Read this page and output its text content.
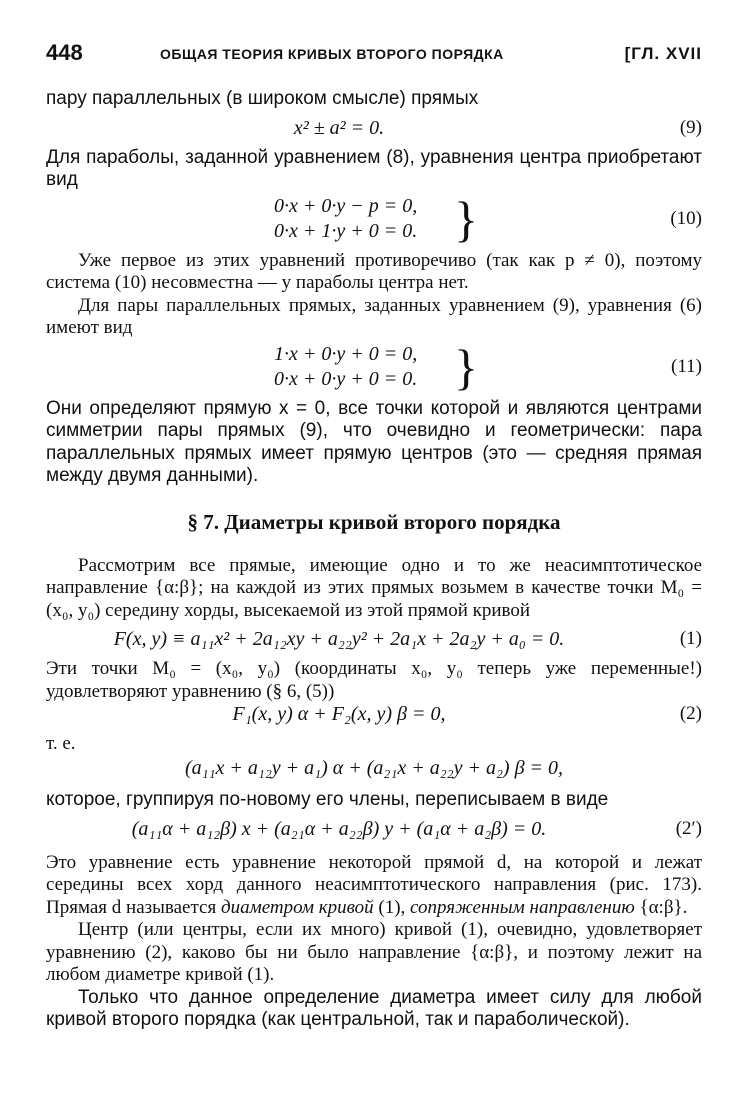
448	ОБЩАЯ ТЕОРИЯ КРИВЫХ ВТОРОГО ПОРЯДКА	[ГЛ. XVII

пару параллельных (в широком смысле) прямых

x² ± a² = 0.	(9)

Для параболы, заданной уравнением (8), уравнения центра приобретают вид

0·x + 0·y − p = 0,
0·x + 1·y + 0 = 0. }	(10)

Уже первое из этих уравнений противоречиво (так как p ≠ 0), поэтому система (10) несовместна — у параболы центра нет.

Для пары параллельных прямых, заданных уравнением (9), уравнения (6) имеют вид

1·x + 0·y + 0 = 0,
0·x + 0·y + 0 = 0. }	(11)

Они определяют прямую x = 0, все точки которой и являются центрами симметрии пары прямых (9), что очевидно и геометрически: пара параллельных прямых имеет прямую центров (это — средняя прямая между двумя данными).

§ 7. Диаметры кривой второго порядка

Рассмотрим все прямые, имеющие одно и то же неасимптотическое направление {α:β}; на каждой из этих прямых возьмем в качестве точки M₀ = (x₀, y₀) середину хорды, высекаемой из этой прямой кривой

F(x, y) ≡ a₁₁x² + 2a₁₂xy + a₂₂y² + 2a₁x + 2a₂y + a₀ = 0.	(1)

Эти точки M₀ = (x₀, y₀) (координаты x₀, y₀ теперь уже переменные!) удовлетворяют уравнению (§ 6, (5))

F₁(x, y) α + F₂(x, y) β = 0,	(2)
т. е.
(a₁₁x + a₁₂y + a₁) α + (a₂₁x + a₂₂y + a₂) β = 0,

которое, группируя по-новому его члены, переписываем в виде

(a₁₁α + a₁₂β) x + (a₂₁α + a₂₂β) y + (a₁α + a₂β) = 0.	(2′)

Это уравнение есть уравнение некоторой прямой d, на которой и лежат середины всех хорд данного неасимптотического направления (рис. 173). Прямая d называется диаметром кривой (1), сопряженным направлению {α:β}.

Центр (или центры, если их много) кривой (1), очевидно, удовлетворяет уравнению (2), каково бы ни было направление {α:β}, и поэтому лежит на любом диаметре кривой (1).

Только что данное определение диаметра имеет силу для любой кривой второго порядка (как центральной, так и параболической).
